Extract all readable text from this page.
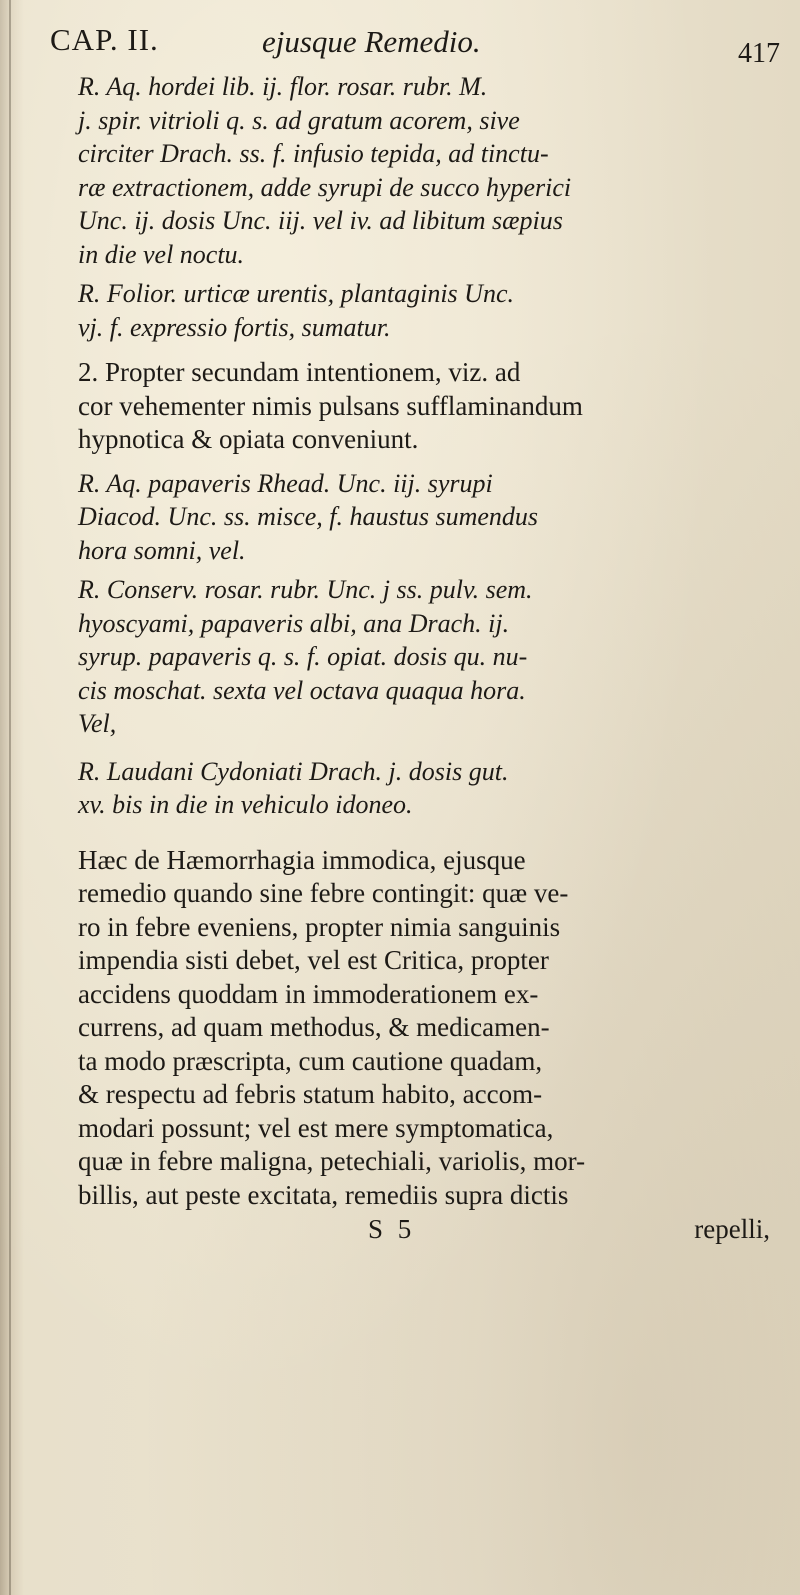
CAP. II.	ejusque Remedio.	417

R. Aq. hordei lib. ij. flor. rosar. rubr. M.
j. spir. vitrioli q. s. ad gratum acorem, sive
circiter Drach. ss. f. infusio tepida, ad tinctu-
ræ extractionem, adde syrupi de succo hyperici
Unc. ij. dosis Unc. iij. vel iv. ad libitum sæpius
in die vel noctu.

R. Folior. urticæ urentis, plantaginis Unc.
vj. f. expressio fortis, sumatur.

2. Propter secundam intentionem, viz. ad
cor vehementer nimis pulsans sufflaminandum
hypnotica & opiata conveniunt.

R. Aq. papaveris Rhead. Unc. iij. syrupi
Diacod. Unc. ss. misce, f. haustus sumendus
hora somni, vel.

R. Conserv. rosar. rubr. Unc. j ss. pulv. sem.
hyoscyami, papaveris albi, ana Drach. ij.
syrup. papaveris q. s. f. opiat. dosis qu. nu-
cis moschat. sexta vel octava quaqua hora.
Vel,

R. Laudani Cydoniati Drach. j. dosis gut.
xv. bis in die in vehiculo idoneo.

Hæc de Hæmorrhagia immodica, ejusque
remedio quando sine febre contingit: quæ ve-
ro in febre eveniens, propter nimia sanguinis
impendia sisti debet, vel est Critica, propter
accidens quoddam in immoderationem ex-
currens, ad quam methodus, & medicamen-
ta modo præscripta, cum cautione quadam,
& respectu ad febris statum habito, accom-
modari possunt; vel est mere symptomatica,
quæ in febre maligna, petechiali, variolis, mor-
billis, aut peste excitata, remediis supra dictis

S 5	repelli,
